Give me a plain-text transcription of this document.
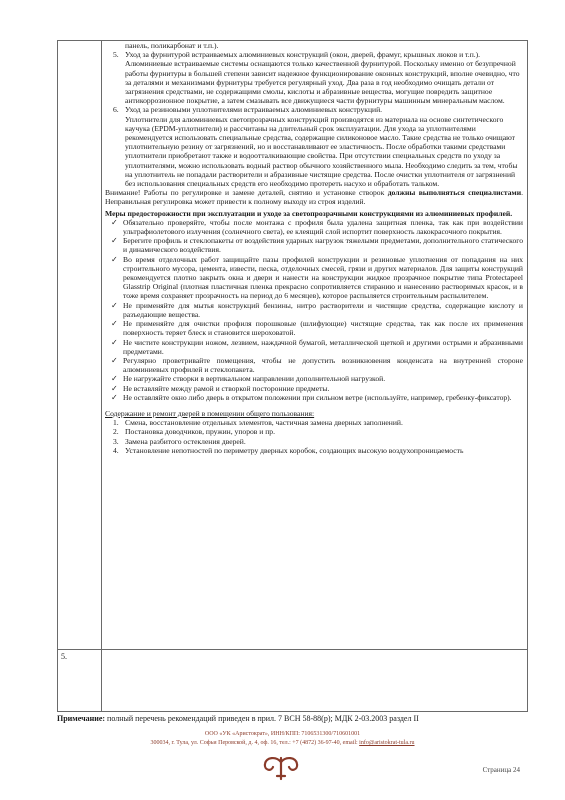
5.

панель, поликарбонат и т.п.).

5. Уход за фурнитурой встраиваемых алюминиевых конструкций (окон, дверей, фрамуг, крышных люков и т.п.).

Алюминиевые встраиваемые системы оснащаются только качественной фурнитурой. Поскольку именно от безупречной работы фурнитуры в большей степени зависит надежное функционирование оконных конструкций, вполне очевидно, что за деталями и механизмами фурнитуры требуется регулярный уход. Два раза в год необходимо очищать детали от загрязнения средствами, не содержащими смолы, кислоты и абразивные вещества, могущие повредить защитное антикоррозионное покрытие, а затем смазывать все движущиеся части фурнитуры машинным минеральным маслом.

6. Уход за резиновыми уплотнителями встраиваемых алюминиевых конструкций.

Уплотнители для алюминиевых светопрозрачных конструкций производятся из материала на основе синтетического каучука (EPDM-уплотнители) и рассчитаны на длительный срок эксплуатации. Для ухода за уплотнителями рекомендуется использовать специальные средства, содержащие силиконовое масло. Такие средства не только очищают уплотнительную резину от загрязнений, но и восстанавливают ее эластичность. После обработки такими средствами уплотнители приобретают также и водоотталкивающие свойства. При отсутствии специальных средств по уходу за уплотнителями, можно использовать водный раствор обычного хозяйственного мыла. Необходимо следить за тем, чтобы на уплотнитель не попадали растворители и абразивные чистящие средства. После очистки уплотнителя от загрязнений без использования специальных средств его необходимо протереть насухо и обработать тальком.

Внимание! Работы по регулировке и замене деталей, снятию и установке створок должны выполняться специалистами. Неправильная регулировка может привести к полному выходу из строя изделий.

Меры предосторожности при эксплуатации и уходе за светопрозрачными конструкциями из алюминиевых профилей.

✓ Обязательно проверяйте, чтобы после монтажа с профиля была удалена защитная пленка, так как при воздействии ультрафиолетового излучения (солнечного света), ее клеящий слой испортит поверхность лакокрасочного покрытия.
✓ Берегите профиль и стеклопакеты от воздействия ударных нагрузок тяжелыми предметами, дополнительного статического и динамического воздействия.
✓ Во время отделочных работ защищайте пазы профилей конструкции и резиновые уплотнения от попадания на них строительного мусора, цемента, извести, песка, отделочных смесей, грязи и других материалов. Для защиты конструкций рекомендуется плотно закрыть окна и двери и нанести на конструкции жидкое прозрачное покрытие типа Protectapeel Glasstrip Original (плотная пластичная пленка прекрасно сопротивляется стиранию и нанесению растворимых красок, и в тоже время сохраняет прозрачность на период до 6 месяцев), которое распыляется строительным распылителем.
✓ Не применяйте для мытья конструкций бензины, нитро растворители и чистящие средства, содержащие кислоту и разъедающие вещества.
✓ Не применяйте для очистки профиля порошковые (шлифующие) чистящие средства, так как после их применения поверхность теряет блеск и становится шероховатой.
✓ Не чистите конструкции ножом, лезвием, наждачной бумагой, металлической щеткой и другими острыми и абразивными предметами.
✓ Регулярно проветривайте помещения, чтобы не допустить возникновения конденсата на внутренней стороне алюминиевых профилей и стеклопакета.
✓ Не нагружайте створки в вертикальном направлении дополнительной нагрузкой.
✓ Не вставляйте между рамой и створкой посторонние предметы.
✓ Не оставляйте окно либо дверь в открытом положении при сильном ветре (используйте, например, гребенку-фиксатор).

Содержание и ремонт дверей в помещении общего пользования:

1. Смена, восстановление отдельных элементов, частичная замена дверных заполнений.
2. Постановка доводчиков, пружин, упоров и пр.
3. Замена разбитого остекления дверей.
4. Установление непотностей по периметру дверных коробок, создающих высокую воздухопроницаемость
Примечание: полный перечень рекомендаций приведен в прил. 7 ВСН 58-88(р); МДК 2-03.2003 раздел II
ООО «УК «Аристократ», ИНН/КПП: 7106531300/710601001
300034, г. Тула, ул. Софьи Перовской, д. 4, оф. 16, тел.: +7 (4872) 36-97-40, email: info@aristokrat-tula.ru
Страница 24
